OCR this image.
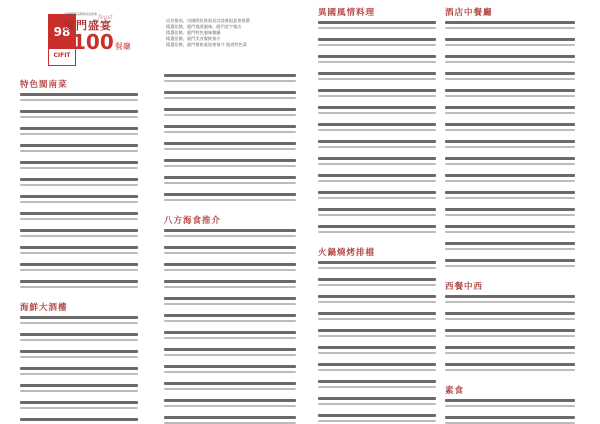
98
CIFIT
特色閩南菜
海鮮大酒樓
中國國際投資貿易洽談會
廈門盛宴
100餐廳
feast	這份指南，由國際投資貿易洽談會組委會推薦
精選佳餚，廈門地道風味，廈門老字號店
精選佳餚，廈門特色風味餐廳
精選佳餚，廈門美食餐飲推介
精選佳餚，廈門餐飲業協會推介 地道特色菜
八方海食推介
異國風情料理
火鍋燒烤排檔
酒店中餐廳
西餐中西
素食
